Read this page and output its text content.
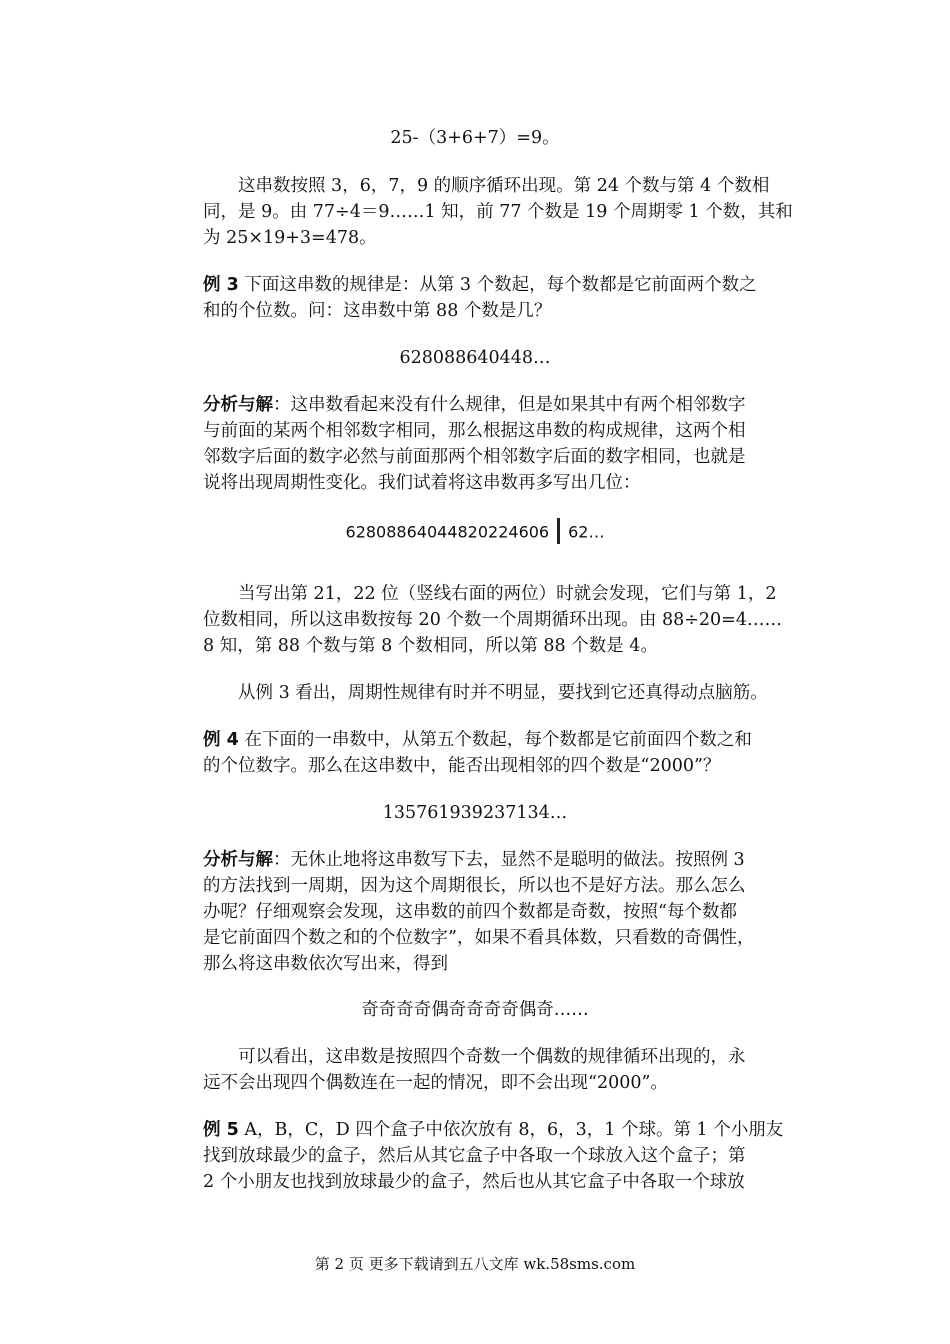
25-（3+6+7）=9。
这串数按照 3，6，7，9 的顺序循环出现。第 24 个数与第 4 个数相
同，是 9。由 77÷4＝9……1 知，前 77 个数是 19 个周期零 1 个数，其和
为 25×19+3=478。
例 3 下面这串数的规律是：从第 3 个数起，每个数都是它前面两个数之
和的个位数。问：这串数中第 88 个数是几？
628088640448…
分析与解：这串数看起来没有什么规律，但是如果其中有两个相邻数字
与前面的某两个相邻数字相同，那么根据这串数的构成规律，这两个相
邻数字后面的数字必然与前面那两个相邻数字后面的数字相同，也就是
说将出现周期性变化。我们试着将这串数再多写出几位：
62808864044820224606 62…
当写出第 21，22 位（竖线右面的两位）时就会发现，它们与第 1，2
位数相同，所以这串数按每 20 个数一个周期循环出现。由 88÷20=4……
8 知，第 88 个数与第 8 个数相同，所以第 88 个数是 4。
从例 3 看出，周期性规律有时并不明显，要找到它还真得动点脑筋。
例 4 在下面的一串数中，从第五个数起，每个数都是它前面四个数之和
的个位数字。那么在这串数中，能否出现相邻的四个数是“2000”？
135761939237134…
分析与解：无休止地将这串数写下去，显然不是聪明的做法。按照例 3
的方法找到一周期，因为这个周期很长，所以也不是好方法。那么怎么
办呢？仔细观察会发现，这串数的前四个数都是奇数，按照“每个数都
是它前面四个数之和的个位数字”，如果不看具体数，只看数的奇偶性，
那么将这串数依次写出来，得到
奇奇奇奇偶奇奇奇奇偶奇……
可以看出，这串数是按照四个奇数一个偶数的规律循环出现的，永
远不会出现四个偶数连在一起的情况，即不会出现“2000”。
例 5 A，B，C，D 四个盒子中依次放有 8，6，3，1 个球。第 1 个小朋友
找到放球最少的盒子，然后从其它盒子中各取一个球放入这个盒子；第
2 个小朋友也找到放球最少的盒子，然后也从其它盒子中各取一个球放
第 2 页 更多下载请到五八文库 wk.58sms.com
